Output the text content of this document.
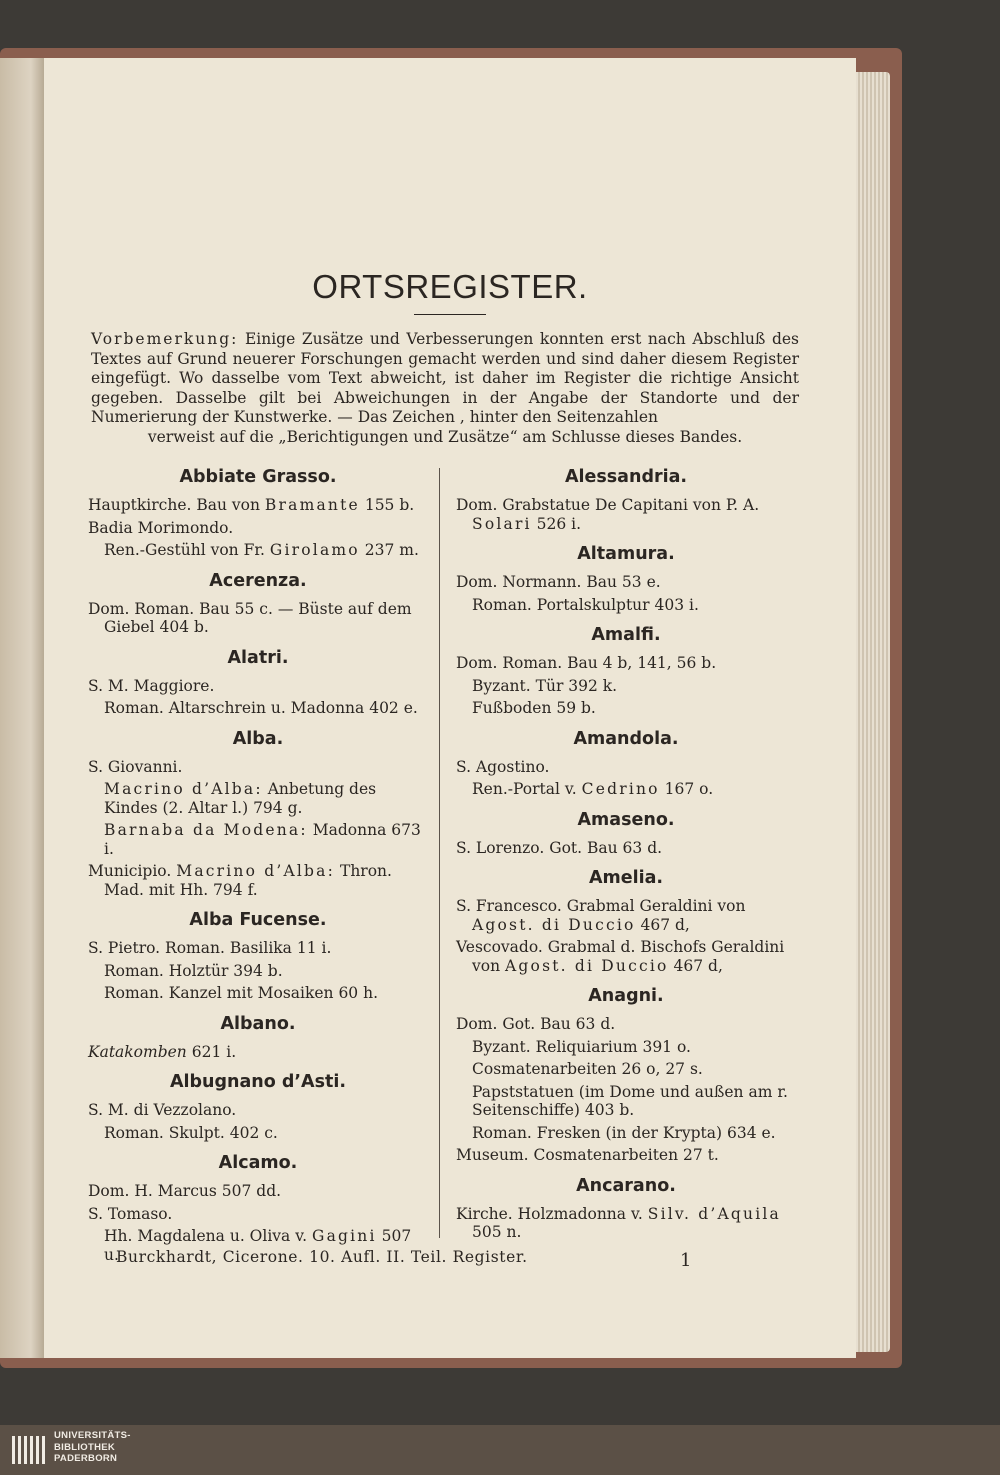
ORTSREGISTER.
Vorbemerkung: Einige Zusätze und Verbesserungen konnten erst nach Abschluß des Textes auf Grund neuerer Forschungen gemacht werden und sind daher diesem Register eingefügt. Wo dasselbe vom Text abweicht, ist daher im Register die richtige Ansicht gegeben. Dasselbe gilt bei Abweichungen in der Angabe der Standorte und der Numerierung der Kunstwerke. — Das Zeichen , hinter den Seitenzahlen
verweist auf die „Berichtigungen und Zusätze“ am Schlusse dieses Bandes.
Abbiate Grasso.
Hauptkirche. Bau von Bramante 155 b.
Badia Morimondo.
Ren.-Gestühl von Fr. Girolamo 237 m.
Acerenza.
Dom. Roman. Bau 55 c. — Büste auf dem Giebel 404 b.
Alatri.
S. M. Maggiore.
Roman. Altarschrein u. Madonna 402 e.
Alba.
S. Giovanni.
Macrino d’Alba: Anbetung des Kindes (2. Altar l.) 794 g.
Barnaba da Modena: Madonna 673 i.
Municipio. Macrino d’Alba: Thron. Mad. mit Hh. 794 f.
Alba Fucense.
S. Pietro. Roman. Basilika 11 i.
Roman. Holztür 394 b.
Roman. Kanzel mit Mosaiken 60 h.
Albano.
Katakomben 621 i.
Albugnano d’Asti.
S. M. di Vezzolano.
Roman. Skulpt. 402 c.
Alcamo.
Dom. H. Marcus 507 dd.
S. Tomaso.
Hh. Magdalena u. Oliva v. Gagini 507 u.
Alessandria.
Dom. Grabstatue De Capitani von P. A. Solari 526 i.
Altamura.
Dom. Normann. Bau 53 e.
Roman. Portalskulptur 403 i.
Amalfi.
Dom. Roman. Bau 4 b, 141, 56 b.
Byzant. Tür 392 k.
Fußboden 59 b.
Amandola.
S. Agostino.
Ren.-Portal v. Cedrino 167 o.
Amaseno.
S. Lorenzo. Got. Bau 63 d.
Amelia.
S. Francesco. Grabmal Geraldini von Agost. di Duccio 467 d,
Vescovado. Grabmal d. Bischofs Geraldini von Agost. di Duccio 467 d,
Anagni.
Dom. Got. Bau 63 d.
Byzant. Reliquiarium 391 o.
Cosmatenarbeiten 26 o, 27 s.
Papststatuen (im Dome und außen am r. Seitenschiffe) 403 b.
Roman. Fresken (in der Krypta) 634 e.
Museum. Cosmatenarbeiten 27 t.
Ancarano.
Kirche. Holzmadonna v. Silv. d’Aquila 505 n.
Burckhardt, Cicerone. 10. Aufl. II. Teil. Register.	1
UNIVERSITÄTS-
BIBLIOTHEK
PADERBORN
